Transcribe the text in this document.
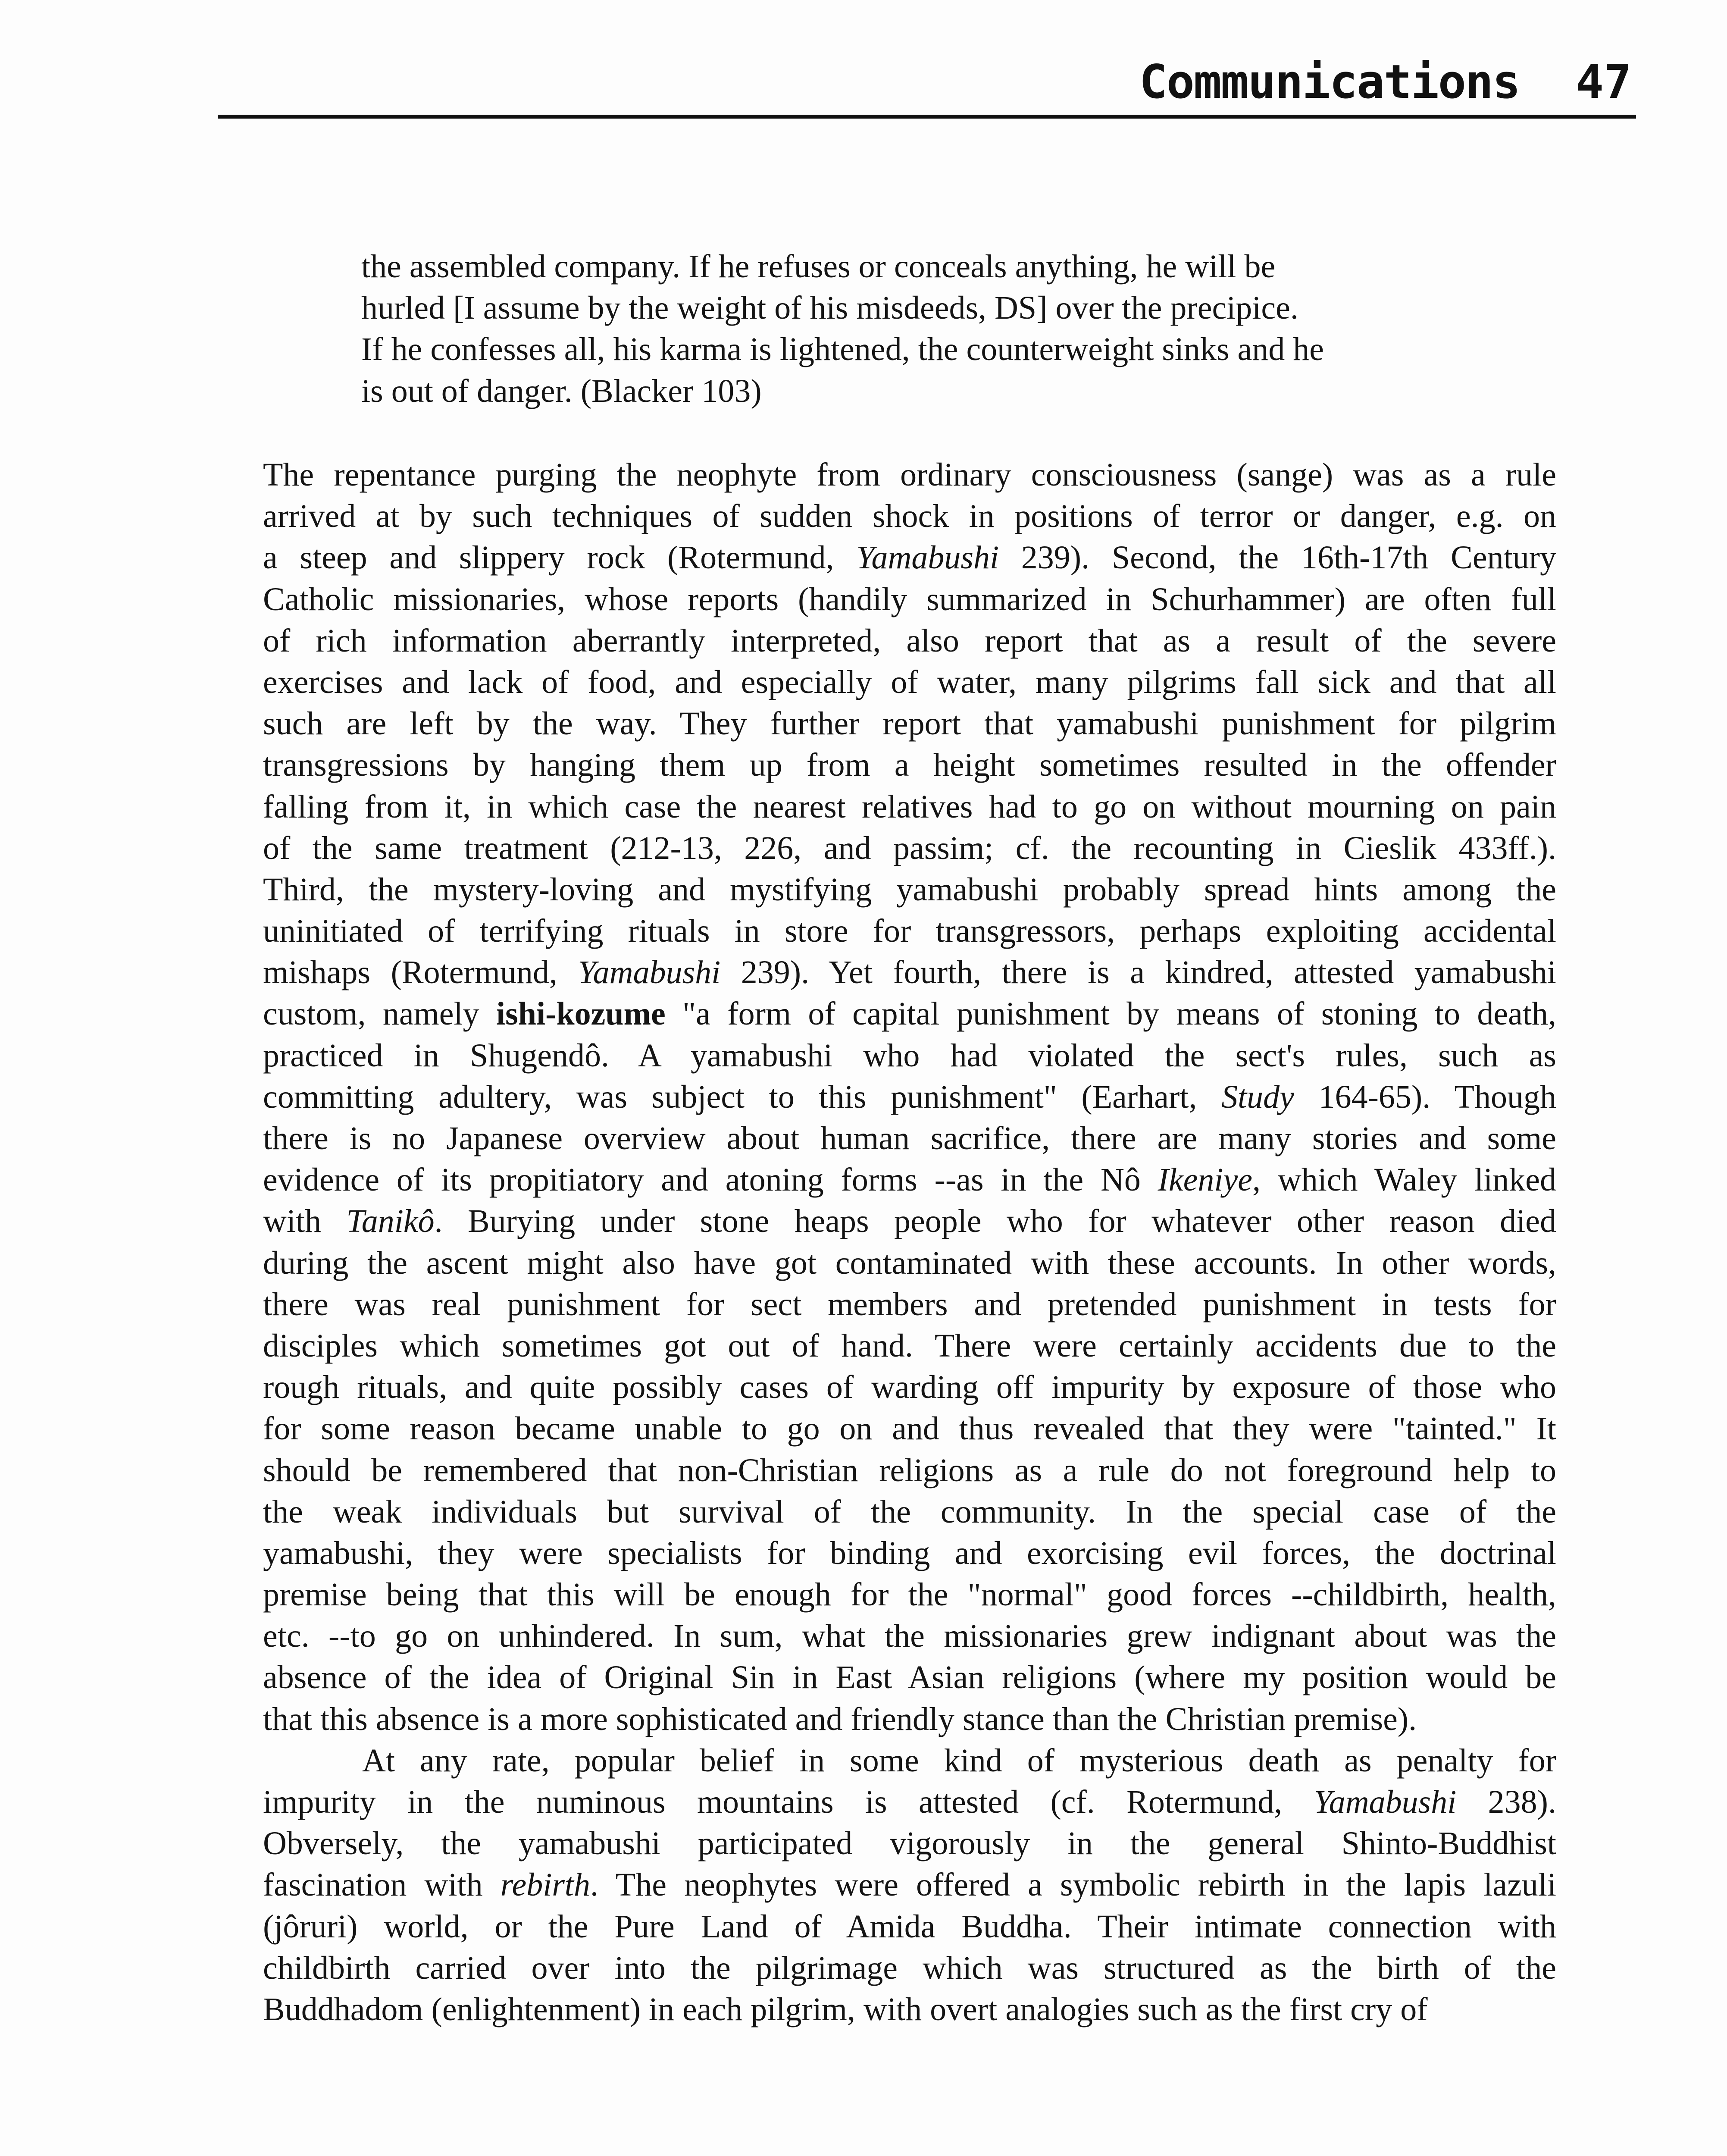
Communications 47
the assembled company. If he refuses or conceals anything, he will be
hurled [I assume by the weight of his misdeeds, DS] over the precipice.
If he confesses all, his karma is lightened, the counterweight sinks and he
is out of danger. (Blacker 103)
The repentance purging the neophyte from ordinary consciousness (sange) was as a rule
arrived at by such techniques of sudden shock in positions of terror or danger, e.g. on
a steep and slippery rock (Rotermund, Yamabushi 239). Second, the 16th-17th Century
Catholic missionaries, whose reports (handily summarized in Schurhammer) are often full
of rich information aberrantly interpreted, also report that as a result of the severe
exercises and lack of food, and especially of water, many pilgrims fall sick and that all
such are left by the way. They further report that yamabushi punishment for pilgrim
transgressions by hanging them up from a height sometimes resulted in the offender
falling from it, in which case the nearest relatives had to go on without mourning on pain
of the same treatment (212-13, 226, and passim; cf. the recounting in Cieslik 433ff.).
Third, the mystery-loving and mystifying yamabushi probably spread hints among the
uninitiated of terrifying rituals in store for transgressors, perhaps exploiting accidental
mishaps (Rotermund, Yamabushi 239). Yet fourth, there is a kindred, attested yamabushi
custom, namely ishi-kozume "a form of capital punishment by means of stoning to death,
practiced in Shugendô. A yamabushi who had violated the sect's rules, such as
committing adultery, was subject to this punishment" (Earhart, Study 164-65). Though
there is no Japanese overview about human sacrifice, there are many stories and some
evidence of its propitiatory and atoning forms --as in the Nô Ikeniye, which Waley linked
with Tanikô. Burying under stone heaps people who for whatever other reason died
during the ascent might also have got contaminated with these accounts. In other words,
there was real punishment for sect members and pretended punishment in tests for
disciples which sometimes got out of hand. There were certainly accidents due to the
rough rituals, and quite possibly cases of warding off impurity by exposure of those who
for some reason became unable to go on and thus revealed that they were "tainted." It
should be remembered that non-Christian religions as a rule do not foreground help to
the weak individuals but survival of the community. In the special case of the
yamabushi, they were specialists for binding and exorcising evil forces, the doctrinal
premise being that this will be enough for the "normal" good forces --childbirth, health,
etc. --to go on unhindered. In sum, what the missionaries grew indignant about was the
absence of the idea of Original Sin in East Asian religions (where my position would be
that this absence is a more sophisticated and friendly stance than the Christian premise).
At any rate, popular belief in some kind of mysterious death as penalty for
impurity in the numinous mountains is attested (cf. Rotermund, Yamabushi 238).
Obversely, the yamabushi participated vigorously in the general Shinto-Buddhist
fascination with rebirth. The neophytes were offered a symbolic rebirth in the lapis lazuli
(jôruri) world, or the Pure Land of Amida Buddha. Their intimate connection with
childbirth carried over into the pilgrimage which was structured as the birth of the
Buddhadom (enlightenment) in each pilgrim, with overt analogies such as the first cry of
